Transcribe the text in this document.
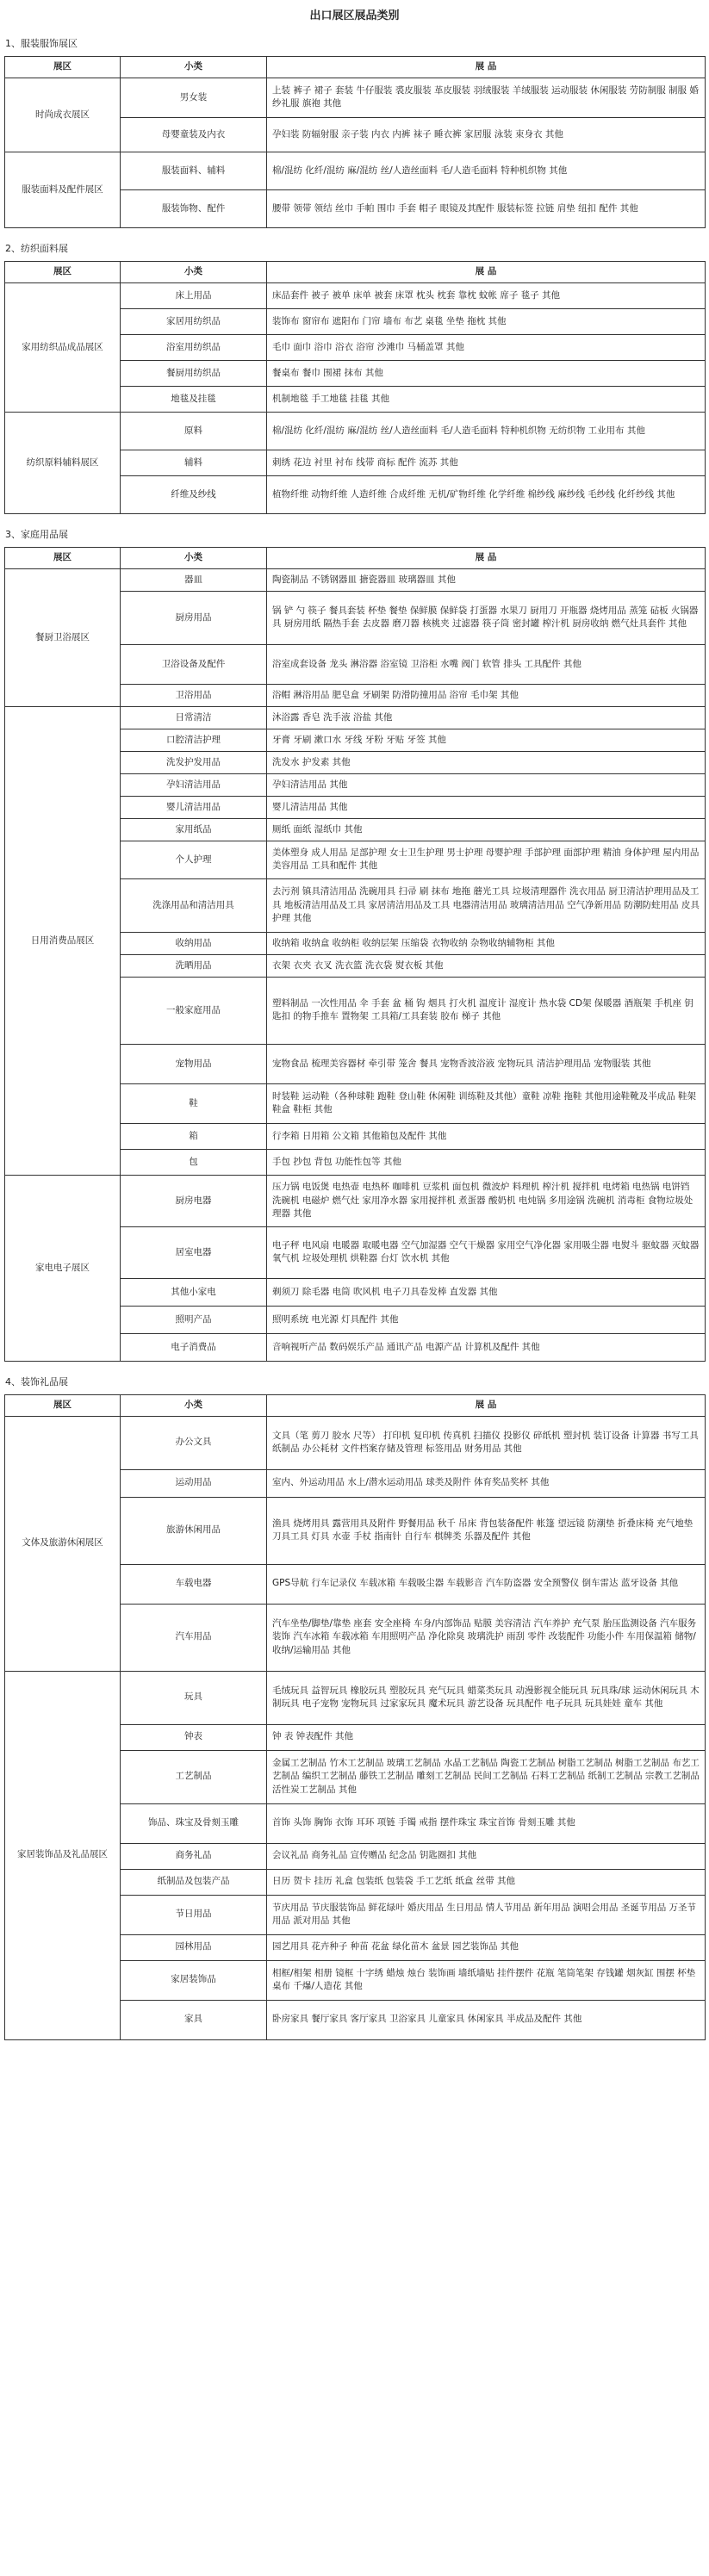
出口展区展品类别
1、服装服饰展区
展区	小类	展 品
时尚成衣展区	男女装	上装 裤子 裙子 套装 牛仔服装 裘皮服装 革皮服装 羽绒服装 羊绒服装 运动服装 休闲服装 劳防制服 制服 婚纱礼服 旗袍 其他
	母婴童装及内衣	孕妇装 防辐射服 亲子装 内衣 内裤 袜子 睡衣裤 家居服 泳装 束身衣 其他
服装面料及配件展区	服装面料、辅料	棉/混纺 化纤/混纺 麻/混纺 丝/人造丝面料 毛/人造毛面料 特种机织物 其他
	服装饰物、配件	腰带 领带 领结 丝巾 手帕 围巾 手套 帽子 眼镜及其配件 服装标签 拉链 肩垫 纽扣 配件 其他
2、纺织面料展
展区	小类	展 品
家用纺织品成品展区	床上用品	床品套件 被子 被单 床单 被套 床罩 枕头 枕套 靠枕 蚊帐 席子 毯子 其他
	家居用纺织品	装饰布 窗帘布 遮阳布 门帘 墙布 布艺 桌毯 坐垫 拖枕 其他
	浴室用纺织品	毛巾 面巾 浴巾 浴衣 浴帘 沙滩巾 马桶盖罩 其他
	餐厨用纺织品	餐桌布 餐巾 围裙 抹布 其他
	地毯及挂毯	机制地毯 手工地毯 挂毯 其他
纺织原料辅料展区	原料	棉/混纺 化纤/混纺 麻/混纺 丝/人造丝面料 毛/人造毛面料 特种机织物 无纺织物 工业用布 其他
	辅料	刺绣 花边 衬里 衬布 线带 商标 配件 流苏 其他
	纤维及纱线	植物纤维 动物纤维 人造纤维 合成纤维 无机/矿物纤维 化学纤维 棉纱线 麻纱线 毛纱线 化纤纱线 其他
3、家庭用品展
展区	小类	展 品
餐厨卫浴展区	器皿	陶瓷制品 不锈钢器皿 搪瓷器皿 玻璃器皿 其他
	厨房用品	锅 铲 勺 筷子 餐具套装 杯垫 餐垫 保鲜膜 保鲜袋 打蛋器 水果刀 厨用刀 开瓶器 烧烤用品 蒸笼 砧板 火锅器具 厨房用纸 隔热手套 去皮器 磨刀器 核桃夹 过滤器 筷子筒 密封罐 榨汁机 厨房收纳 燃气灶具套件 其他
	卫浴设备及配件	浴室成套设备 龙头 淋浴器 浴室镜 卫浴柜 水嘴 阀门 软管 排头 工具配件 其他
	卫浴用品	浴帽 淋浴用品 肥皂盒 牙刷架 防滑防撞用品 浴帘 毛巾架 其他
日用消费品展区	日常清洁	沐浴露 香皂 洗手液 浴盐 其他
	口腔清洁护理	牙膏 牙刷 漱口水 牙线 牙粉 牙贴 牙签 其他
	洗发护发用品	洗发水 护发素 其他
	孕妇清洁用品	孕妇清洁用品 其他
	婴儿清洁用品	婴儿清洁用品 其他
	家用纸品	厕纸 面纸 湿纸巾 其他
	个人护理	美体塑身 成人用品 足部护理 女士卫生护理 男士护理 母婴护理 手部护理 面部护理 精油 身体护理 屋内用品 美容用品 工具和配件 其他
	洗涤用品和清洁用具	去污剂 镇具清洁用品 洗碗用具 扫帚 刷 抹布 地拖 蘑光工具 垃圾清理器件 洗衣用品 厨卫清洁护理用品及工具 地板清洁用品及工具 家居清洁用品及工具 电器清洁用品 玻璃清洁用品 空气净新用品 防潮防蛀用品 皮具护理 其他
	收纳用品	收纳箱 收纳盒 收纳柜 收纳层架 压缩袋 衣物收纳 杂物收纳辅物柜 其他
	洗晒用品	衣架 衣夹 衣叉 洗衣篮 洗衣袋 熨衣板 其他
	一般家庭用品	塑料制品 一次性用品 伞 手套 盆 桶 钩 烟具 打火机 温度计 湿度计 热水袋 CD架 保暖器 酒瓶架 手机座 钥匙扣 的物手推车 置物架 工具箱/工具套装 胶布 梯子 其他
	宠物用品	宠物食品 梳理美容器材 牵引带 笼舍 餐具 宠物香波浴液 宠物玩具 清洁护理用品 宠物服装 其他
	鞋	时装鞋 运动鞋（各种球鞋 跑鞋 登山鞋 休闲鞋 训练鞋及其他）童鞋 凉鞋 拖鞋 其他用途鞋靴及半成品 鞋架 鞋盒 鞋柜 其他
	箱	行李箱 日用箱 公文箱 其他箱包及配件 其他
	包	手包 抄包 背包 功能性包等 其他
家电电子展区	厨房电器	压力锅 电饭煲 电热壶 电热杯 咖啡机 豆浆机 面包机 微波炉 料理机 榨汁机 搅拌机 电烤箱 电热锅 电饼铛 洗碗机 电磁炉 燃气灶 家用净水器 家用搅拌机 煮蛋器 酸奶机 电炖锅 多用途锅 洗碗机 消毒柜 食物垃圾处理器 其他
	居室电器	电子秤 电风扇 电暖器 取暖电器 空气加湿器 空气干燥器 家用空气净化器 家用吸尘器 电熨斗 驱蚊器 灭蚊器 氧气机 垃圾处理机 烘鞋器 台灯 饮水机 其他
	其他小家电	剃须刀 除毛器 电筒 吹风机 电子刀具卷发棒 直发器 其他
	照明产品	照明系统 电光源 灯具配件 其他
	电子消费品	音响视听产品 数码娱乐产品 通讯产品 电源产品 计算机及配件 其他
4、装饰礼品展
展区	小类	展 品
文体及旅游休闲展区	办公文具	文具（笔 剪刀 胶水 尺等） 打印机 复印机 传真机 扫描仪 投影仪 碎纸机 塑封机 装订设备 计算器 书写工具 纸制品 办公耗材 文件档案存储及管理 标签用品 财务用品 其他
	运动用品	室内、外运动用品 水上/潜水运动用品 球类及附件 体育奖品奖杯 其他
	旅游休闲用品	渔具 烧烤用具 露营用具及附件 野餐用品 秋千 吊床 背包装备配件 帐篷 望远镜 防潮垫 折叠床椅 充气地垫 刀具工具 灯具 水壶 手杖 指南针 自行车 棋牌类 乐器及配件 其他
	车载电器	GPS导航 行车记录仪 车载冰箱 车载吸尘器 车载影音 汽车防盗器 安全预警仪 倒车雷达 蓝牙设备 其他
	汽车用品	汽车坐垫/脚垫/靠垫 座套 安全座椅 车身/内部饰品 贴膜 美容清洁 汽车养护 充气泵 胎压监测设备 汽车服务装饰 汽车冰箱 车载冰箱 车用照明产品 净化除臭 玻璃洗护 雨刮 零件 改装配件 功能小件 车用保温箱 储物/收纳/运输用品 其他
家居装饰品及礼品展区	玩具	毛绒玩具 益智玩具 橡胶玩具 塑胶玩具 充气玩具 蜡菜类玩具 动漫影视全能玩具 玩具珠/球 运动休闲玩具 木制玩具 电子宠物 宠物玩具 过家家玩具 魔术玩具 游艺设备 玩具配件 电子玩具 玩具娃娃 童车 其他
	钟表	钟 表 钟表配件 其他
	工艺制品	金属工艺制品 竹木工艺制品 玻璃工艺制品 水晶工艺制品 陶瓷工艺制品 树脂工艺制品 树脂工艺制品 布艺工艺制品 编织工艺制品 藤铁工艺制品 雕刻工艺制品 民间工艺制品 石料工艺制品 纸制工艺制品 宗教工艺制品 活性炭工艺制品 其他
	饰品、珠宝及骨刻玉雕	首饰 头饰 胸饰 衣饰 耳环 项链 手镯 戒指 摆件珠宝 珠宝首饰 骨刻玉雕 其他
	商务礼品	会议礼品 商务礼品 宣传赠品 纪念品 钥匙圈扣 其他
	纸制品及包装产品	日历 贺卡 挂历 礼盒 包装纸 包装袋 手工艺纸 纸盒 丝带 其他
	节日用品	节庆用品 节庆服装饰品 鲜花绿叶 婚庆用品 生日用品 情人节用品 新年用品 演唱会用品 圣诞节用品 万圣节用品 派对用品 其他
	园林用品	园艺用具 花卉种子 种苗 花盆 绿化苗木 盆景 园艺装饰品 其他
	家居装饰品	相框/相架 相册 镜框 十字绣 蜡烛 烛台 装饰画 墙纸墙贴 挂件摆件 花瓶 笔筒笔架 存钱罐 烟灰缸 围摆 杯垫 桌布 千爆/人造花 其他
	家具	卧房家具 餐厅家具 客厅家具 卫浴家具 儿童家具 休闲家具 半成品及配件 其他
